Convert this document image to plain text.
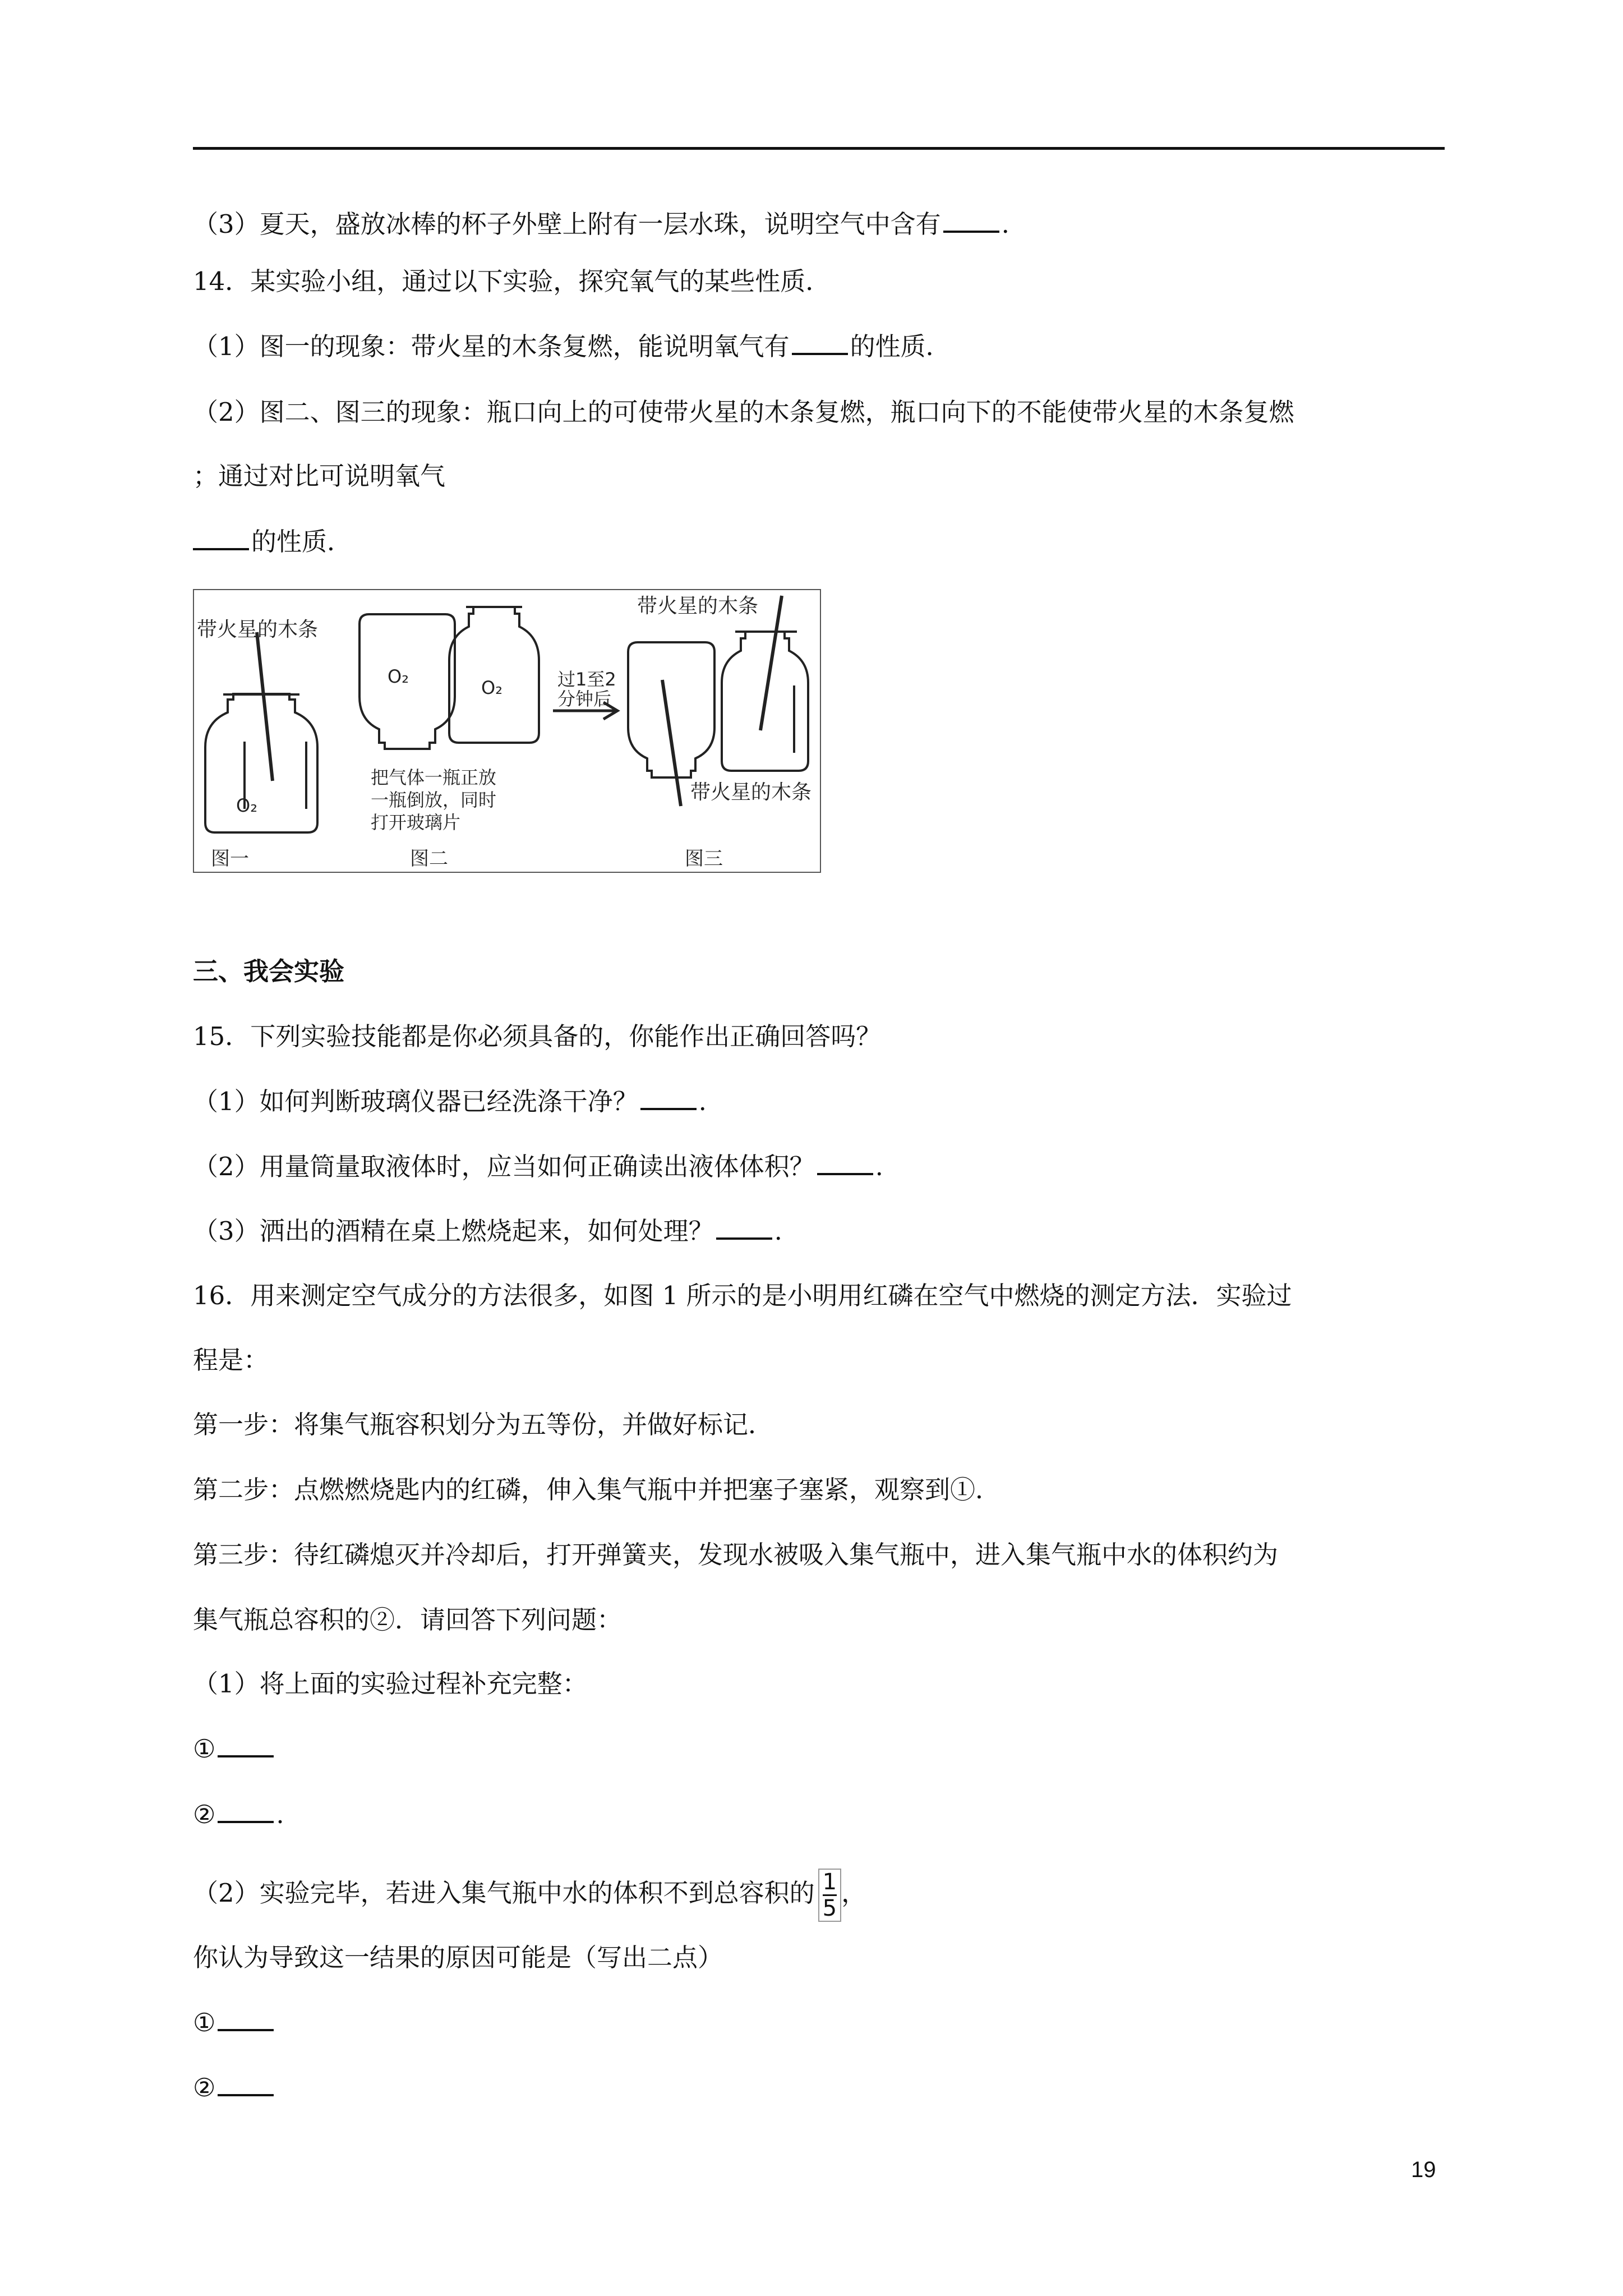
（3）夏天，盛放冰棒的杯子外壁上附有一层水珠，说明空气中含有 .
14．某实验小组，通过以下实验，探究氧气的某些性质．
（1）图一的现象：带火星的木条复燃，能说明氧气有 的性质．
（2）图二、图三的现象：瓶口向上的可使带火星的木条复燃，瓶口向下的不能使带火星的木条复燃
；通过对比可说明氧气
的性质．
带火星的木条
O₂
O₂
O₂	过1至2
分钟后
把气体一瓶正放
一瓶倒放，同时
打开玻璃片
带火星的木条
带火星的木条
图一	图二	图三
三、我会实验
15．下列实验技能都是你必须具备的，你能作出正确回答吗？
（1）如何判断玻璃仪器已经洗涤干净？ .
（2）用量筒量取液体时，应当如何正确读出液体体积？ .
（3）洒出的酒精在桌上燃烧起来，如何处理？ .
16．用来测定空气成分的方法很多，如图 1 所示的是小明用红磷在空气中燃烧的测定方法．实验过
程是：
第一步：将集气瓶容积划分为五等份，并做好标记．
第二步：点燃燃烧匙内的红磷，伸入集气瓶中并把塞子塞紧，观察到①．
第三步：待红磷熄灭并冷却后，打开弹簧夹，发现水被吸入集气瓶中，进入集气瓶中水的体积约为
集气瓶总容积的②．请回答下列问题：
（1）将上面的实验过程补充完整：
①
② .
（2）实验完毕，若进入集气瓶中水的体积不到总容积的 $\frac{1}{5}$ ，
你认为导致这一结果的原因可能是（写出二点）
①
②
19
